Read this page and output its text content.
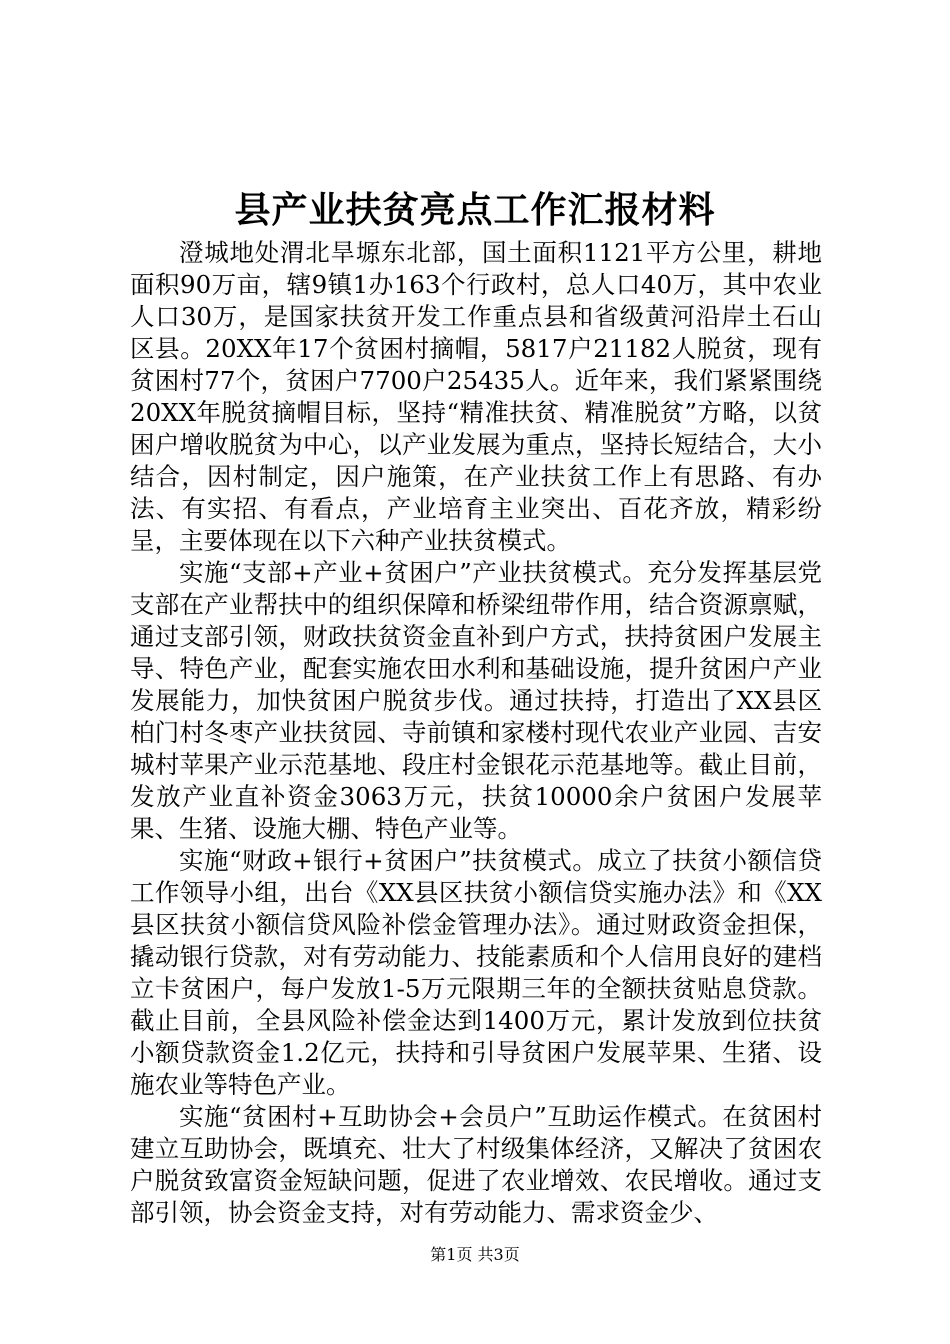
县产业扶贫亮点工作汇报材料

澄城地处渭北旱塬东北部，国土面积1121平方公里，耕地面积90万亩，辖9镇1办163个行政村，总人口40万，其中农业人口30万，是国家扶贫开发工作重点县和省级黄河沿岸土石山区县。20XX年17个贫困村摘帽，5817户21182人脱贫，现有贫困村77个，贫困户7700户25435人。近年来，我们紧紧围绕20XX年脱贫摘帽目标，坚持“精准扶贫、精准脱贫”方略，以贫困户增收脱贫为中心，以产业发展为重点，坚持长短结合，大小结合，因村制定，因户施策，在产业扶贫工作上有思路、有办法、有实招、有看点，产业培育主业突出、百花齐放，精彩纷呈，主要体现在以下六种产业扶贫模式。

实施“支部+产业+贫困户”产业扶贫模式。充分发挥基层党支部在产业帮扶中的组织保障和桥梁纽带作用，结合资源禀赋，通过支部引领，财政扶贫资金直补到户方式，扶持贫困户发展主导、特色产业，配套实施农田水利和基础设施，提升贫困户产业发展能力，加快贫困户脱贫步伐。通过扶持，打造出了XX县区柏门村冬枣产业扶贫园、寺前镇和家楼村现代农业产业园、吉安城村苹果产业示范基地、段庄村金银花示范基地等。截止目前，发放产业直补资金3063万元，扶贫10000余户贫困户发展苹果、生猪、设施大棚、特色产业等。

实施“财政+银行+贫困户”扶贫模式。成立了扶贫小额信贷工作领导小组，出台《XX县区扶贫小额信贷实施办法》和《XX县区扶贫小额信贷风险补偿金管理办法》。通过财政资金担保，撬动银行贷款，对有劳动能力、技能素质和个人信用良好的建档立卡贫困户，每户发放1-5万元限期三年的全额扶贫贴息贷款。截止目前，全县风险补偿金达到1400万元，累计发放到位扶贫小额贷款资金1.2亿元，扶持和引导贫困户发展苹果、生猪、设施农业等特色产业。

实施“贫困村+互助协会+会员户”互助运作模式。在贫困村建立互助协会，既填充、壮大了村级集体经济，又解决了贫困农户脱贫致富资金短缺问题，促进了农业增效、农民增收。通过支部引领，协会资金支持，对有劳动能力、需求资金少、

第1页 共3页
